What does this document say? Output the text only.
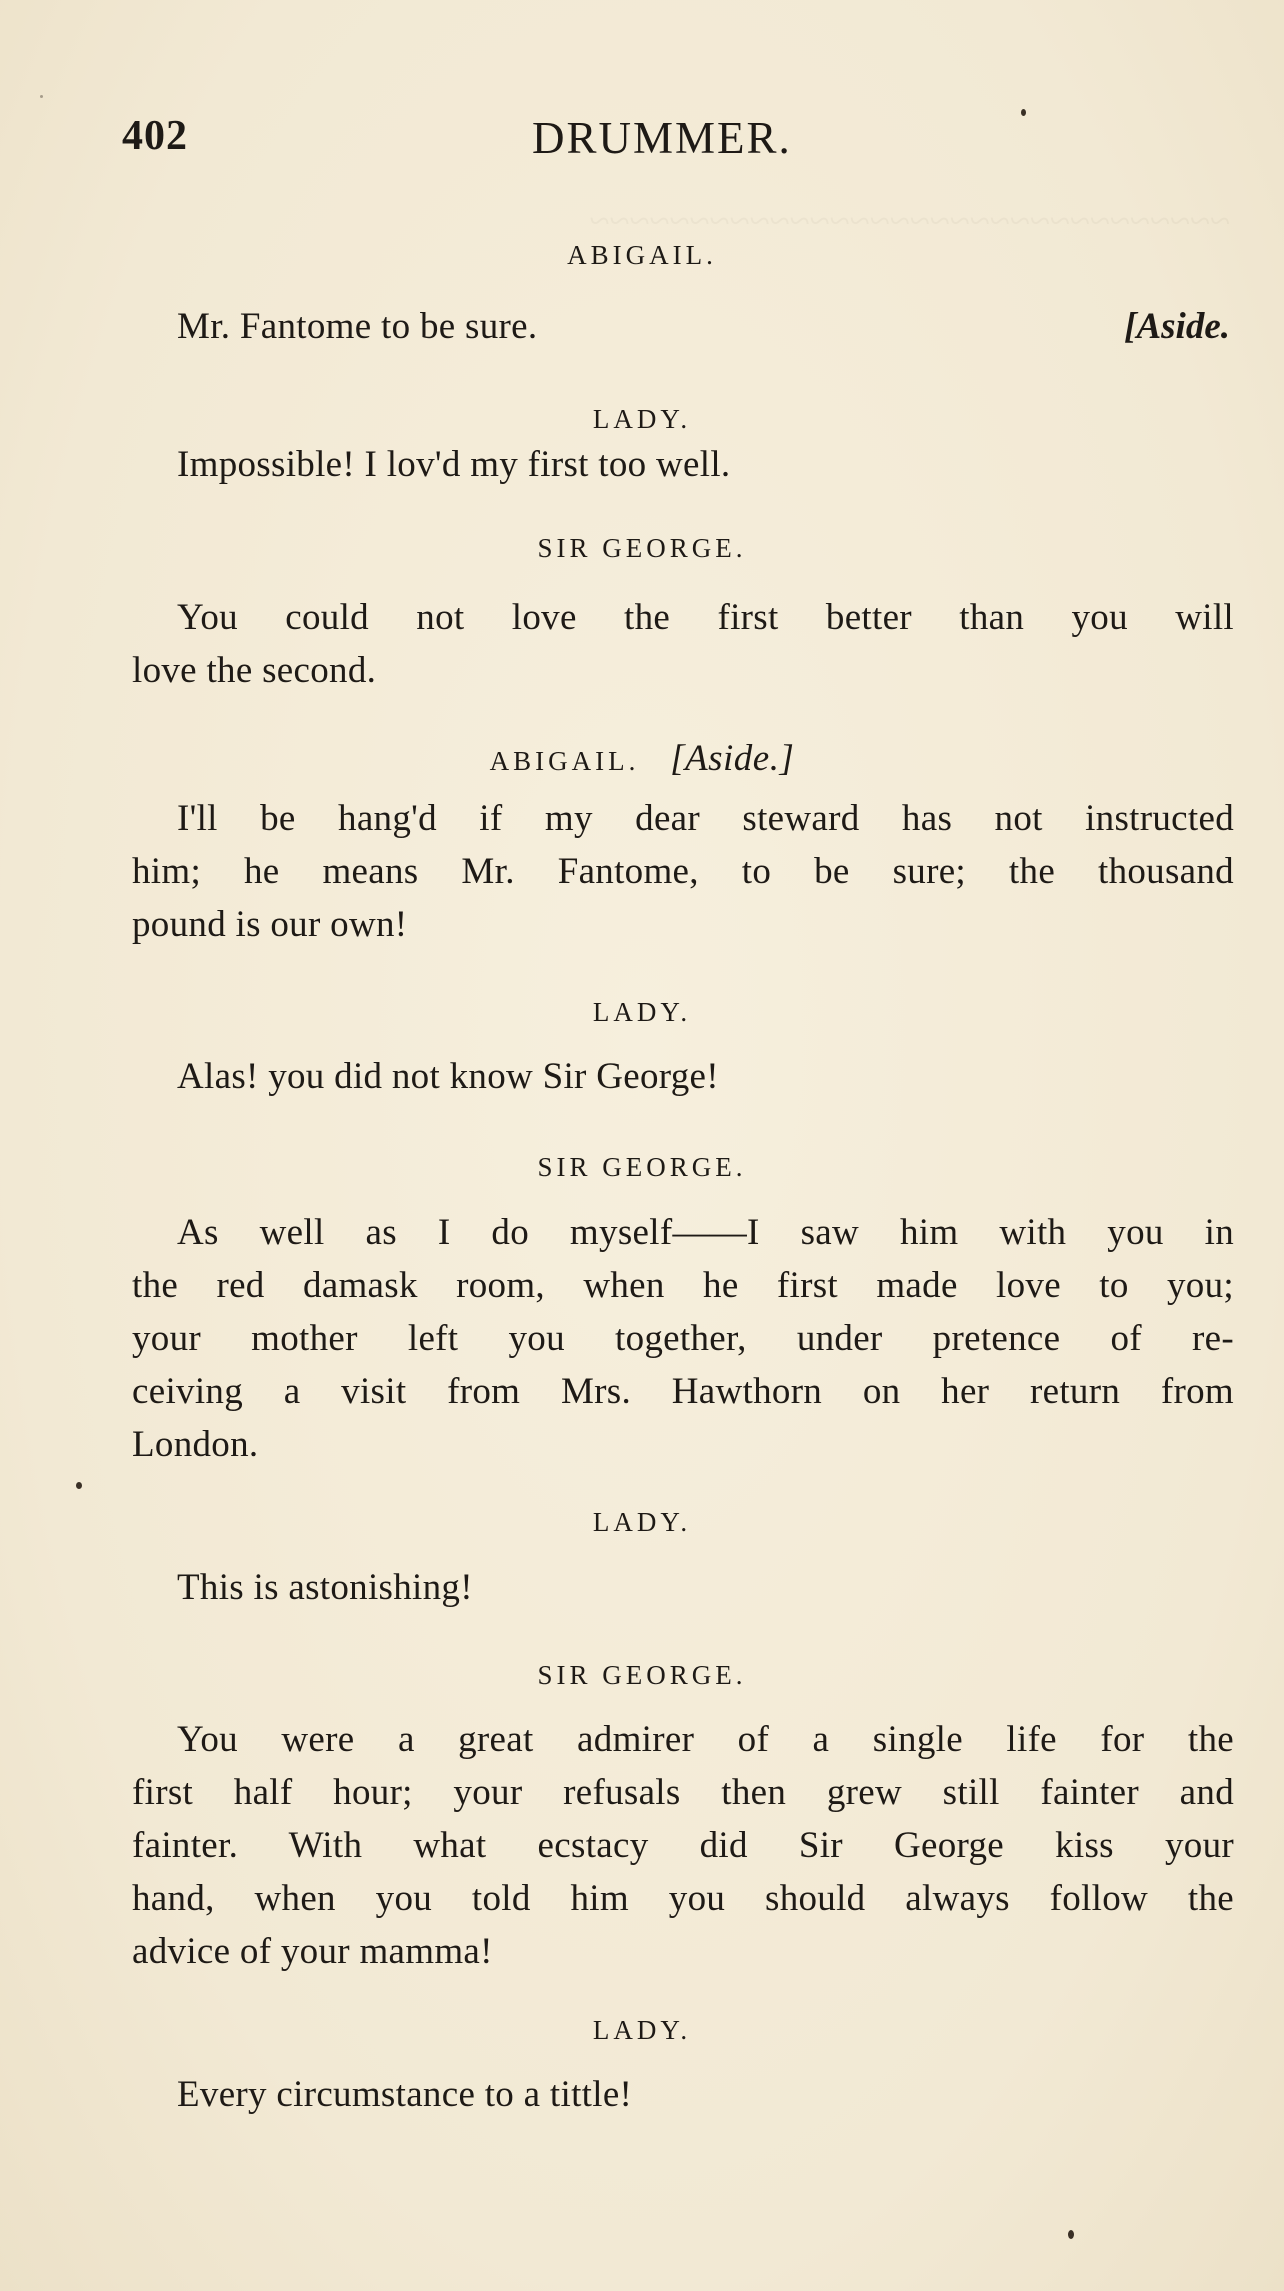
~~~~~~~~~~~~~~~~~~~~~~~~~~~~~~~~
402	DRUMMER.
ABIGAIL.
Mr. Fantome to be sure.	[Aside.
LADY.
Impossible! I lov'd my first too well.
SIR GEORGE.
You could not love the first better than you will
love the second.
ABIGAIL. [Aside.]
I'll be hang'd if my dear steward has not instructed
him; he means Mr. Fantome, to be sure; the thousand
pound is our own!
LADY.
Alas! you did not know Sir George!
SIR GEORGE.
As well as I do myself——I saw him with you in
the red damask room, when he first made love to you;
your mother left you together, under pretence of re-
ceiving a visit from Mrs. Hawthorn on her return from
London.
LADY.
This is astonishing!
SIR GEORGE.
You were a great admirer of a single life for the
first half hour; your refusals then grew still fainter and
fainter. With what ecstacy did Sir George kiss your
hand, when you told him you should always follow the
advice of your mamma!
LADY.
Every circumstance to a tittle!
